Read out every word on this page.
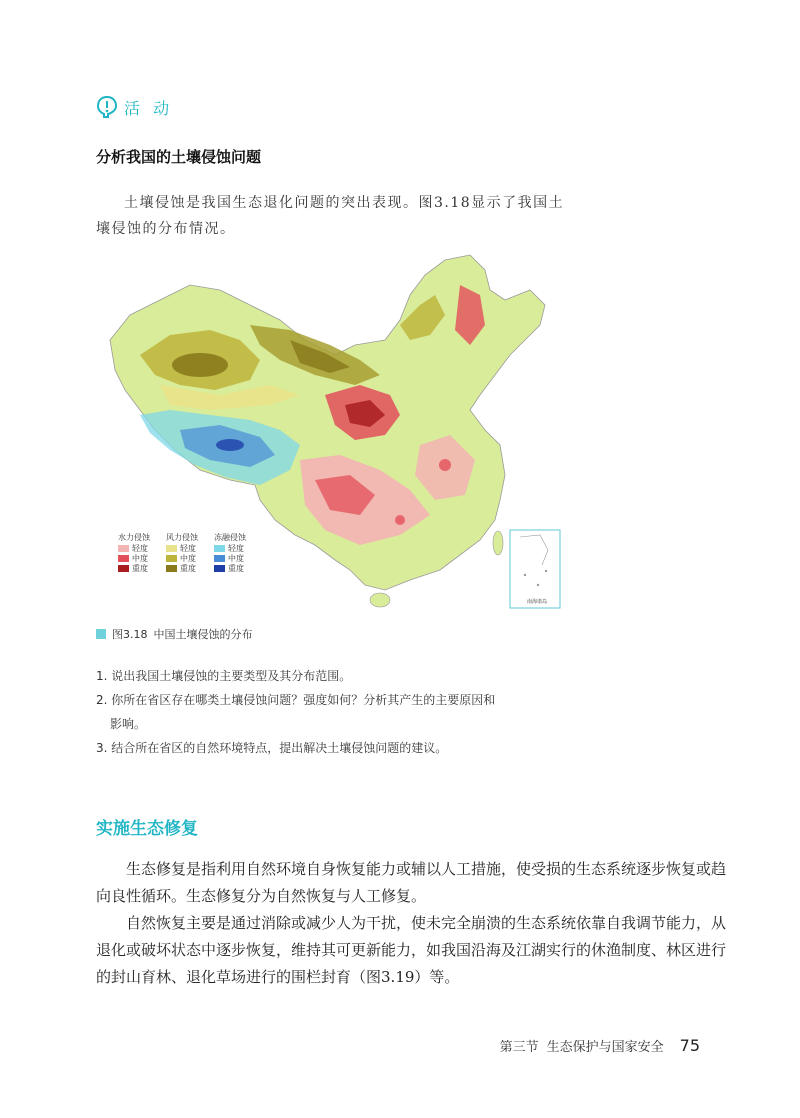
活 动
分析我国的土壤侵蚀问题
土壤侵蚀是我国生态退化问题的突出表现。图3.18显示了我国土壤侵蚀的分布情况。
南海诸岛
水力侵蚀
轻度
中度
重度
风力侵蚀
轻度
中度
重度
冻融侵蚀
轻度
中度
重度
图3.18 中国土壤侵蚀的分布
1. 说出我国土壤侵蚀的主要类型及其分布范围。
2. 你所在省区存在哪类土壤侵蚀问题？强度如何？分析其产生的主要原因和
影响。
3. 结合所在省区的自然环境特点，提出解决土壤侵蚀问题的建议。
实施生态修复

生态修复是指利用自然环境自身恢复能力或辅以人工措施，使受损的生态系统逐步恢复或趋向良性循环。生态修复分为自然恢复与人工修复。

自然恢复主要是通过消除或减少人为干扰，使未完全崩溃的生态系统依靠自我调节能力，从退化或破坏状态中逐步恢复，维持其可更新能力，如我国沿海及江湖实行的休渔制度、林区进行的封山育林、退化草场进行的围栏封育（图3.19）等。

第三节 生态保护与国家安全 75
